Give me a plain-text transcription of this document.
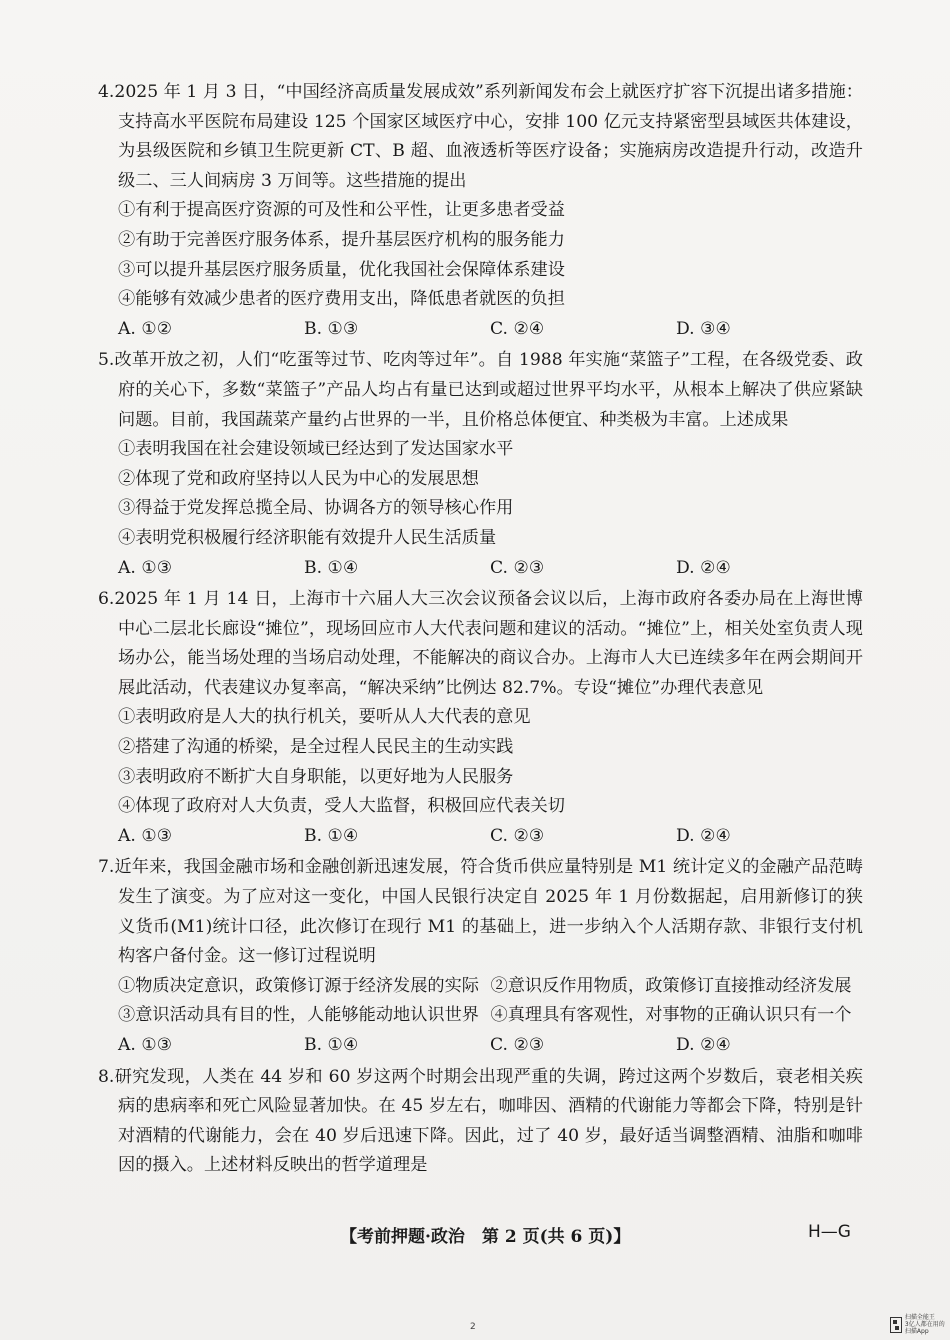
4.2025 年 1 月 3 日，“中国经济高质量发展成效”系列新闻发布会上就医疗扩容下沉提出诸多措施：支持高水平医院布局建设 125 个国家区域医疗中心，安排 100 亿元支持紧密型县域医共体建设，为县级医院和乡镇卫生院更新 CT、B 超、血液透析等医疗设备；实施病房改造提升行动，改造升级二、三人间病房 3 万间等。这些措施的提出

①有利于提高医疗资源的可及性和公平性，让更多患者受益

②有助于完善医疗服务体系，提升基层医疗机构的服务能力

③可以提升基层医疗服务质量，优化我国社会保障体系建设

④能够有效减少患者的医疗费用支出，降低患者就医的负担

A. ①②	B. ①③	C. ②④	D. ③④

5.改革开放之初，人们“吃蛋等过节、吃肉等过年”。自 1988 年实施“菜篮子”工程，在各级党委、政府的关心下，多数“菜篮子”产品人均占有量已达到或超过世界平均水平，从根本上解决了供应紧缺问题。目前，我国蔬菜产量约占世界的一半，且价格总体便宜、种类极为丰富。上述成果

①表明我国在社会建设领域已经达到了发达国家水平

②体现了党和政府坚持以人民为中心的发展思想

③得益于党发挥总揽全局、协调各方的领导核心作用

④表明党积极履行经济职能有效提升人民生活质量

A. ①③	B. ①④	C. ②③	D. ②④

6.2025 年 1 月 14 日，上海市十六届人大三次会议预备会议以后，上海市政府各委办局在上海世博中心二层北长廊设“摊位”，现场回应市人大代表问题和建议的活动。“摊位”上，相关处室负责人现场办公，能当场处理的当场启动处理，不能解决的商议合办。上海市人大已连续多年在两会期间开展此活动，代表建议办复率高，“解决采纳”比例达 82.7%。专设“摊位”办理代表意见

①表明政府是人大的执行机关，要听从人大代表的意见

②搭建了沟通的桥梁，是全过程人民民主的生动实践

③表明政府不断扩大自身职能，以更好地为人民服务

④体现了政府对人大负责，受人大监督，积极回应代表关切

A. ①③	B. ①④	C. ②③	D. ②④

7.近年来，我国金融市场和金融创新迅速发展，符合货币供应量特别是 M1 统计定义的金融产品范畴发生了演变。为了应对这一变化，中国人民银行决定自 2025 年 1 月份数据起，启用新修订的狭义货币(M1)统计口径，此次修订在现行 M1 的基础上，进一步纳入个人活期存款、非银行支付机构客户备付金。这一修订过程说明

①物质决定意识，政策修订源于经济发展的实际 ②意识反作用物质，政策修订直接推动经济发展
③意识活动具有目的性，人能够能动地认识世界 ④真理具有客观性，对事物的正确认识只有一个
A. ①③	B. ①④	C. ②③	D. ②④

8.研究发现，人类在 44 岁和 60 岁这两个时期会出现严重的失调，跨过这两个岁数后，衰老相关疾病的患病率和死亡风险显著加快。在 45 岁左右，咖啡因、酒精的代谢能力等都会下降，特别是针对酒精的代谢能力，会在 40 岁后迅速下降。因此，过了 40 岁，最好适当调整酒精、油脂和咖啡因的摄入。上述材料反映出的哲学道理是

【考前押题·政治　第 2 页(共 6 页)】	H—G
2
扫描全能王
3亿人都在用的扫描App
